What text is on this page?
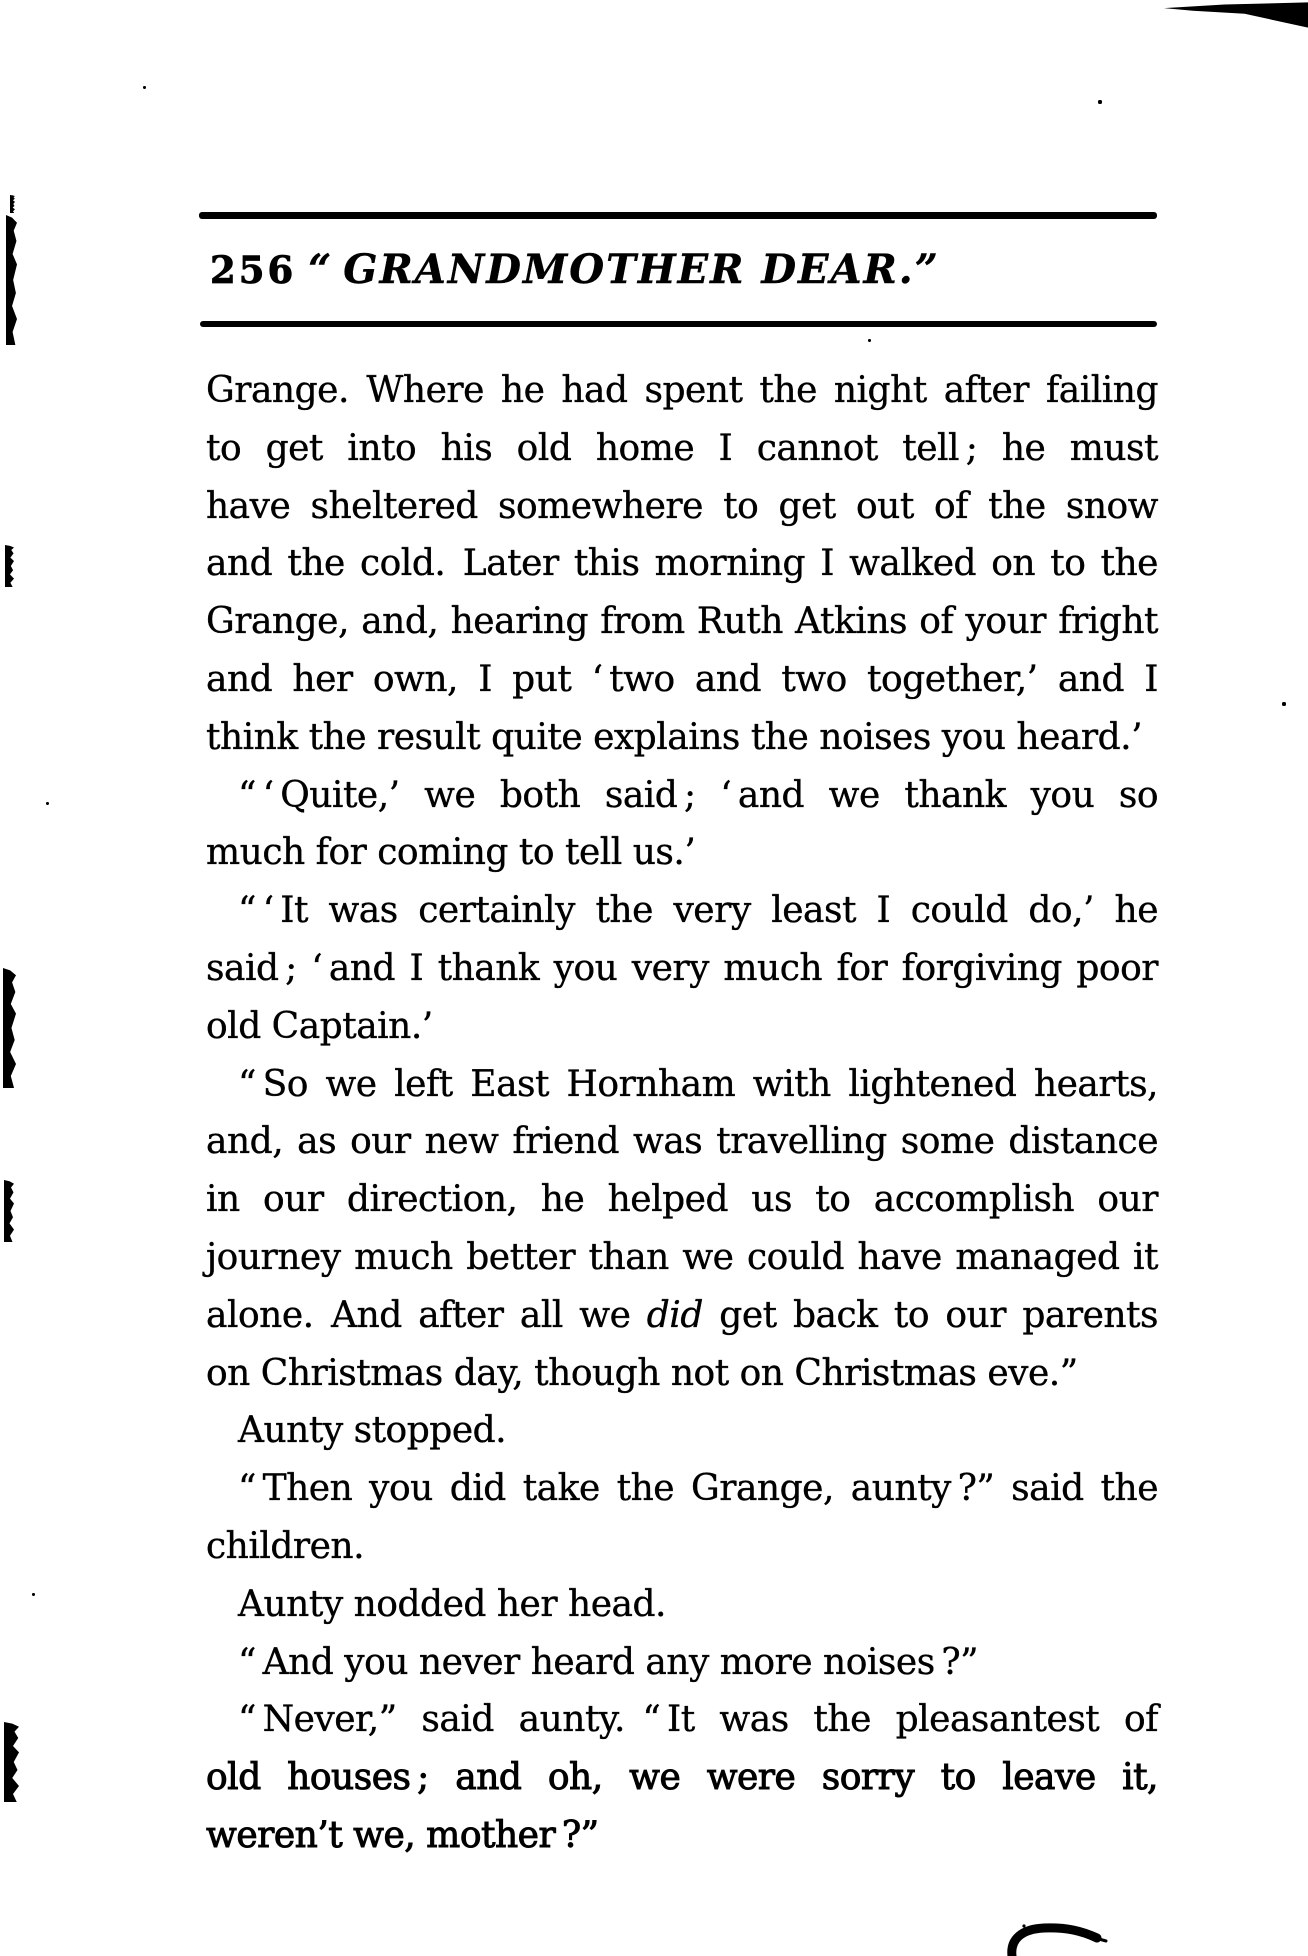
256 “ GRANDMOTHER DEAR.”
Grange. Where he had spent the night after failing
to get into his old home I cannot tell ; he must
have sheltered somewhere to get out of the snow
and the cold. Later this morning I walked on to the
Grange, and, hearing from Ruth Atkins of your fright
and her own, I put ‘ two and two together,’ and I
think the result quite explains the noises you heard.’
“ ‘ Quite,’ we both said ; ‘ and we thank you so
much for coming to tell us.’
“ ‘ It was certainly the very least I could do,’ he
said ; ‘ and I thank you very much for forgiving poor
old Captain.’
“ So we left East Hornham with lightened hearts,
and, as our new friend was travelling some distance
in our direction, he helped us to accomplish our
journey much better than we could have managed it
alone. And after all we did get back to our parents
on Christmas day, though not on Christmas eve.”
Aunty stopped.
“ Then you did take the Grange, aunty ?” said the
children.
Aunty nodded her head.
“ And you never heard any more noises ?”
“ Never,” said aunty. “ It was the pleasantest of
old houses ; and oh, we were sorry to leave it,
weren’t we, mother ?”
